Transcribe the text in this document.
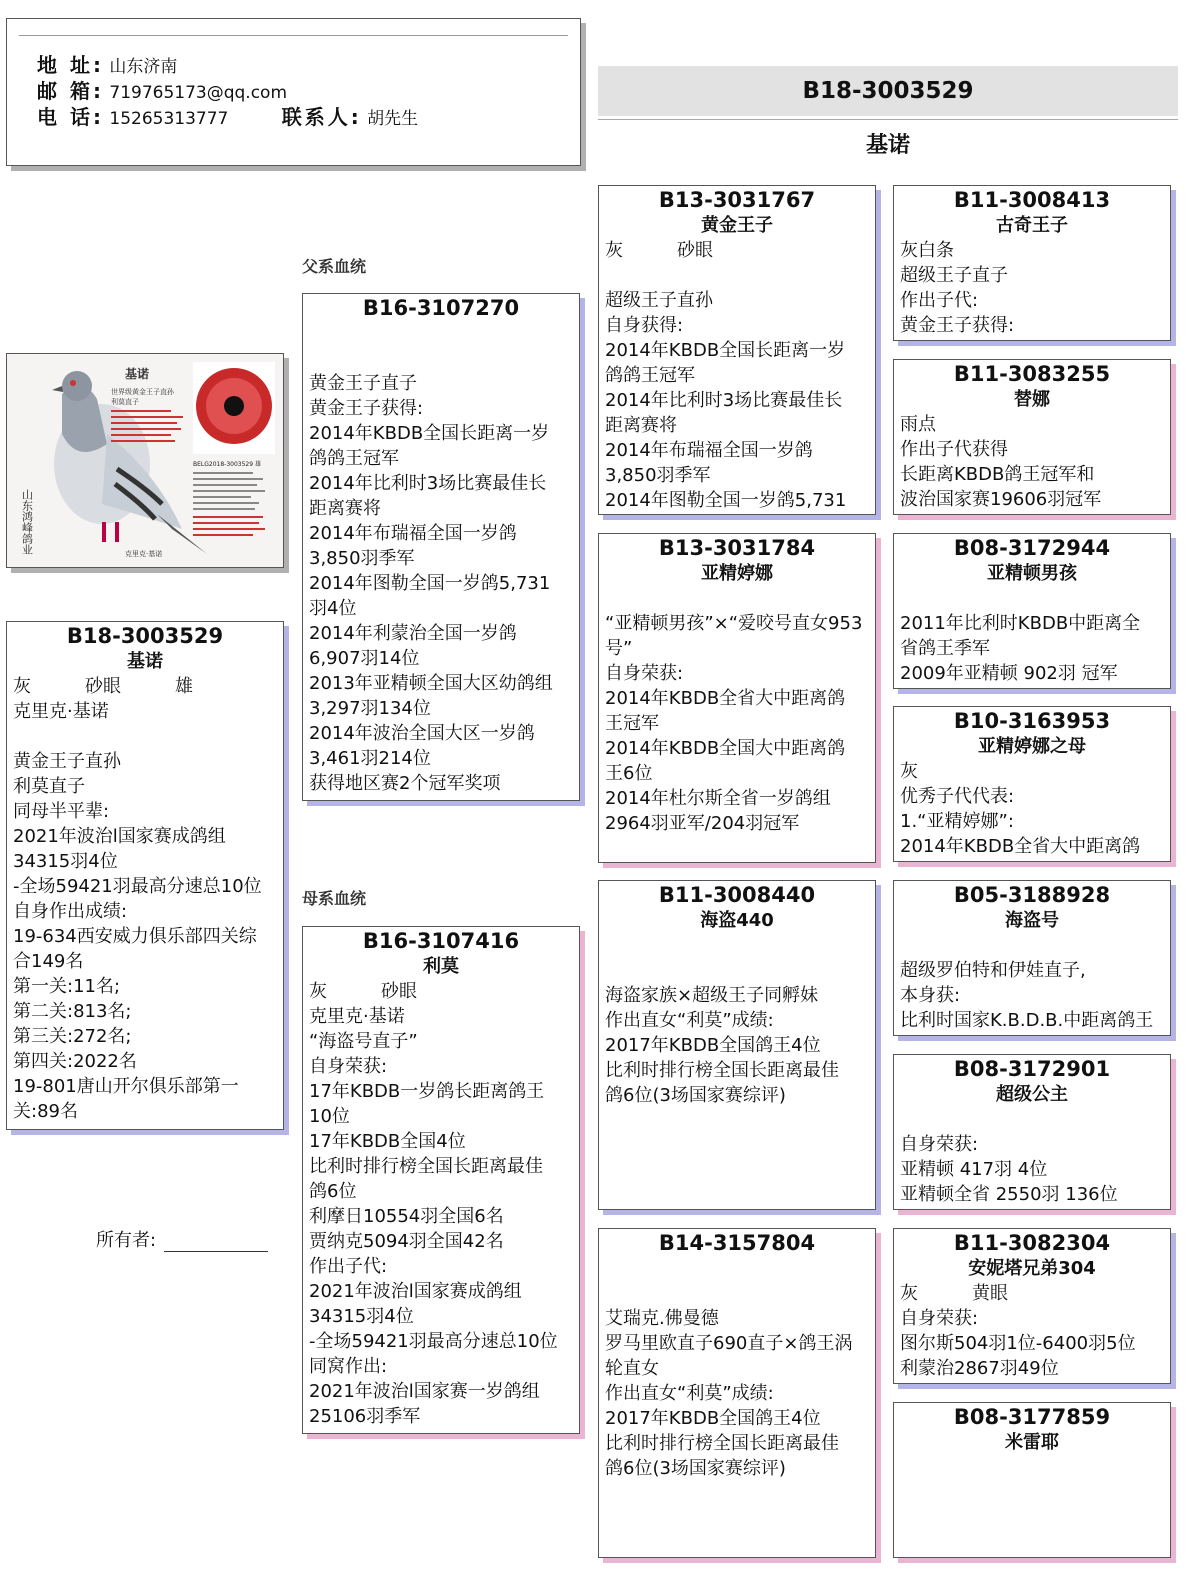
地 址: 山东济南
邮 箱: 719765173@qq.com
电 话: 15265313777	联系人: 胡先生
B18-3003529
基诺
山东鸿峰鸽业
基诺
世界级黄金王子直孙
利莫直子
BELG2018-3003529 雄
克里克·基诺
父系血统
母系血统
B18-3003529
基诺
灰　　　砂眼　　　雄
克里克·基诺

黄金王子直孙
利莫直子
同母半平辈:
2021年波治l国家赛成鸽组
34315羽4位
-全场59421羽最高分速总10位
自身作出成绩:
19-634西安威力俱乐部四关综
合149名
第一关:11名;
第二关:813名;
第三关:272名;
第四关:2022名
19-801唐山开尔俱乐部第一
关:89名
B16-3107270

黄金王子直子
黄金王子获得:
2014年KBDB全国长距离一岁
鸽鸽王冠军
2014年比利时3场比赛最佳长
距离赛将
2014年布瑞福全国一岁鸽
3,850羽季军
2014年图勒全国一岁鸽5,731
羽4位
2014年利蒙治全国一岁鸽
6,907羽14位
2013年亚精顿全国大区幼鸽组
3,297羽134位
2014年波治全国大区一岁鸽
3,461羽214位
获得地区赛2个冠军奖项
B16-3107416
利莫
灰　　　砂眼
克里克·基诺
“海盗号直子”
自身荣获:
17年KBDB一岁鸽长距离鸽王
10位
17年KBDB全国4位
比利时排行榜全国长距离最佳
鸽6位
利摩日10554羽全国6名
贾纳克5094羽全国42名
作出子代:
2021年波治l国家赛成鸽组
34315羽4位
-全场59421羽最高分速总10位
同窝作出:
2021年波治l国家赛一岁鸽组
25106羽季军
B13-3031767
黄金王子
灰　　　砂眼

超级王子直孙
自身获得:
2014年KBDB全国长距离一岁
鸽鸽王冠军
2014年比利时3场比赛最佳长
距离赛将
2014年布瑞福全国一岁鸽
3,850羽季军
2014年图勒全国一岁鸽5,731
B13-3031784
亚精婷娜

“亚精顿男孩”×“爱咬号直女953
号”
自身荣获:
2014年KBDB全省大中距离鸽
王冠军
2014年KBDB全国大中距离鸽
王6位
2014年杜尔斯全省一岁鸽组
2964羽亚军/204羽冠军
B11-3008440
海盗440

海盗家族×超级王子同孵妹
作出直女“利莫”成绩:
2017年KBDB全国鸽王4位
比利时排行榜全国长距离最佳
鸽6位(3场国家赛综评)
B14-3157804

艾瑞克.佛曼德
罗马里欧直子690直子×鸽王涡
轮直女
作出直女“利莫”成绩:
2017年KBDB全国鸽王4位
比利时排行榜全国长距离最佳
鸽6位(3场国家赛综评)
B11-3008413
古奇王子
灰白条
超级王子直子
作出子代:
黄金王子获得:
B11-3083255
替娜
雨点
作出子代获得
长距离KBDB鸽王冠军和
波治国家赛19606羽冠军
B08-3172944
亚精顿男孩

2011年比利时KBDB中距离全
省鸽王季军
2009年亚精顿 902羽 冠军
B10-3163953
亚精婷娜之母
灰
优秀子代代表:
1.“亚精婷娜”:
2014年KBDB全省大中距离鸽
B05-3188928
海盗号

超级罗伯特和伊娃直子,
本身获:
比利时国家K.B.D.B.中距离鸽王
B08-3172901
超级公主

自身荣获:
亚精顿 417羽 4位
亚精顿全省 2550羽 136位
B11-3082304
安妮塔兄弟304
灰　　　黄眼
自身荣获:
图尔斯504羽1位-6400羽5位
利蒙治2867羽49位
B08-3177859
米雷耶
所有者:
